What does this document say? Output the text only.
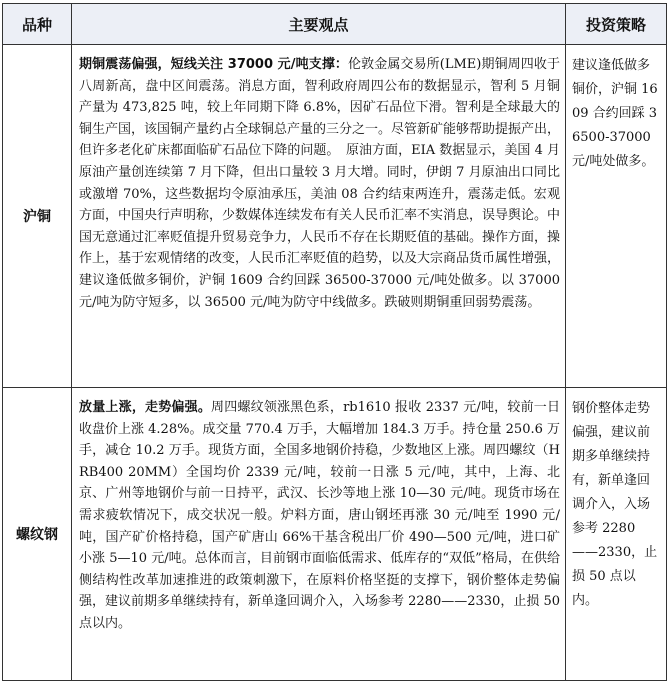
品种	主要观点	投资策略
沪铜	期铜震荡偏强，短线关注 37000 元/吨支撑：伦敦金属交易所(LME)期铜周四收于八周新高，盘中区间震荡。消息方面，智利政府周四公布的数据显示，智利 5 月铜产量为 473,825 吨，较上年同期下降 6.8%，因矿石品位下滑。智利是全球最大的铜生产国，该国铜产量约占全球铜总产量的三分之一。尽管新矿能够帮助提振产出，但许多老化矿床都面临矿石品位下降的问题。　原油方面，EIA 数据显示，美国 4 月原油产量创连续第 7 月下降，但出口量较 3 月大增。同时，伊朗 7 月原油出口同比或激增 70%，这些数据均令原油承压，美油 08 合约结束两连升，震荡走低。宏观方面，中国央行声明称，少数媒体连续发布有关人民币汇率不实消息，误导舆论。中国无意通过汇率贬值提升贸易竞争力，人民币不存在长期贬值的基础。操作方面，操作上，基于宏观情绪的改变，人民币汇率贬值的趋势，以及大宗商品货币属性增强，建议逢低做多铜价，沪铜 1609 合约回踩 36500-37000 元/吨处做多。以 37000 元/吨为防守短多，以 36500 元/吨为防守中线做多。跌破则期铜重回弱势震荡。	建议逢低做多铜价，沪铜 1609 合约回踩 36500-37000 元/吨处做多。
螺纹钢	放量上涨，走势偏强。周四螺纹领涨黑色系，rb1610 报收 2337 元/吨，较前一日收盘价上涨 4.28%。成交量 770.4 万手，大幅增加 184.3 万手。持仓量 250.6 万手，减仓 10.2 万手。现货方面，全国多地钢价持稳，少数地区上涨。周四螺纹（HRB400 20MM）全国均价 2339 元/吨，较前一日涨 5 元/吨，其中，上海、北京、广州等地钢价与前一日持平，武汉、长沙等地上涨 10—30 元/吨。现货市场在需求疲软情况下，成交状况一般。炉料方面，唐山钢坯再涨 30 元/吨至 1990 元/吨，国产矿价格持稳，国产矿唐山 66%干基含税出厂价 490—500 元/吨，进口矿小涨 5—10 元/吨。总体而言，目前钢市面临低需求、低库存的“双低”格局，在供给侧结构性改革加速推进的政策刺激下，在原料价格坚挺的支撑下，钢价整体走势偏强，建议前期多单继续持有，新单逢回调介入，入场参考 2280——2330，止损 50 点以内。	钢价整体走势偏强，建议前期多单继续持有，新单逢回调介入，入场参考 2280——2330，止损 50 点以内。
